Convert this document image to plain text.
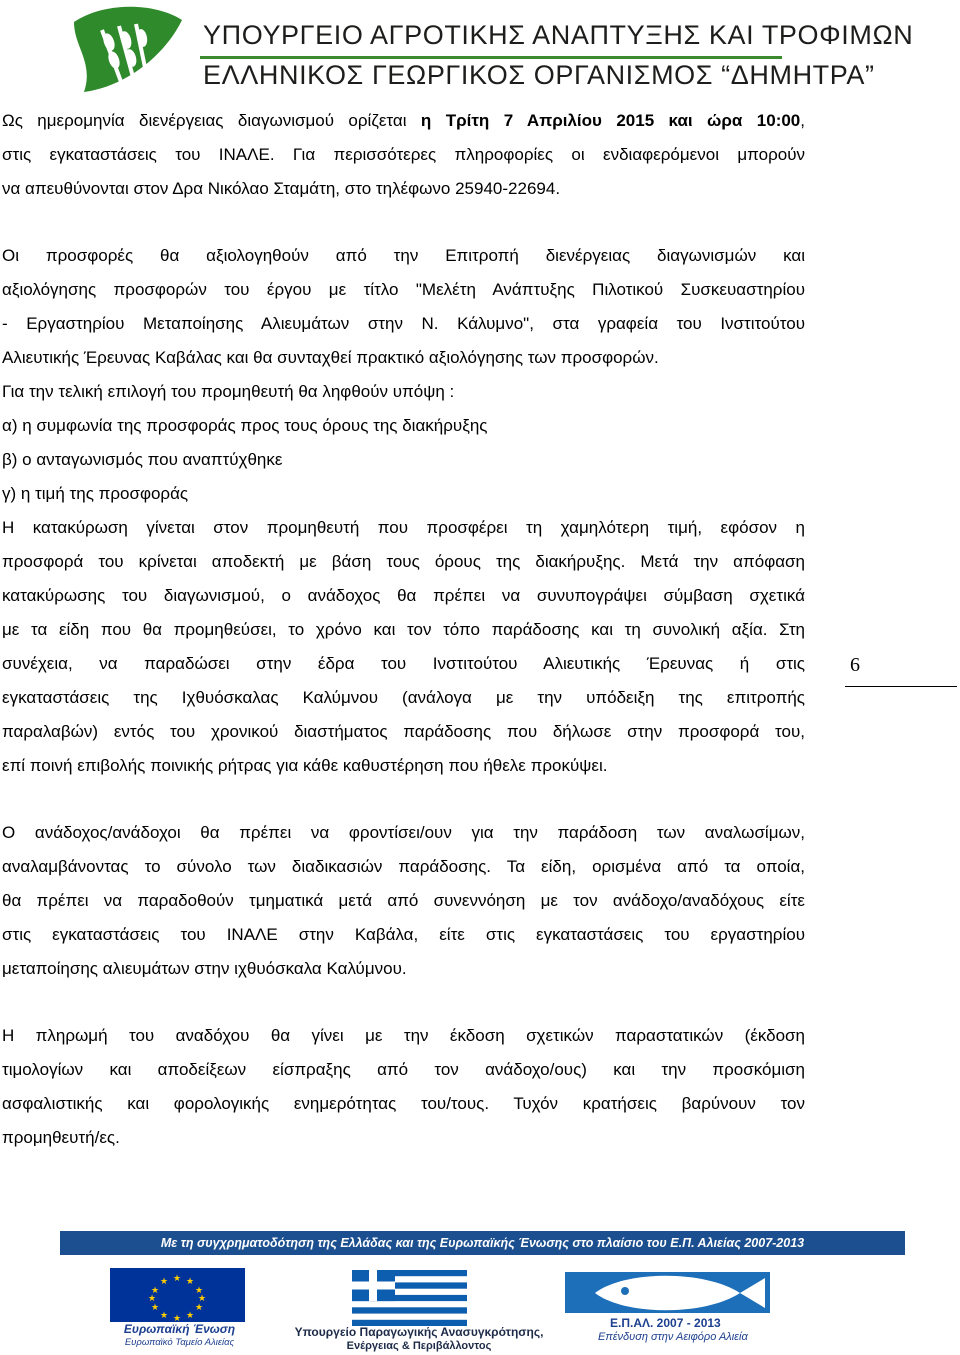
ΥΠΟΥΡΓΕΙΟ ΑΓΡΟΤΙΚΗΣ ΑΝΑΠΤΥΞΗΣ ΚΑΙ ΤΡΟΦΙΜΩΝ
ΕΛΛΗΝΙΚΟΣ ΓΕΩΡΓΙΚΟΣ ΟΡΓΑΝΙΣΜΟΣ “ΔΗΜΗΤΡΑ”
Ως ημερομηνία διενέργειας διαγωνισμού ορίζεται η Τρίτη 7 Απριλίου 2015 και ώρα 10:00,
στις εγκαταστάσεις του ΙΝΑΛΕ. Για περισσότερες πληροφορίες οι ενδιαφερόμενοι μπορούν
να απευθύνονται στον Δρα Νικόλαο Σταμάτη, στο τηλέφωνο 25940-22694.
Οι προσφορές θα αξιολογηθούν από την Επιτροπή διενέργειας διαγωνισμών και
αξιολόγησης προσφορών του έργου με τίτλο "Μελέτη Ανάπτυξης Πιλοτικού Συσκευαστηρίου
- Εργαστηρίου Μεταποίησης Αλιευμάτων στην Ν. Κάλυμνο", στα γραφεία του Ινστιτούτου
Αλιευτικής Έρευνας Καβάλας και θα συνταχθεί πρακτικό αξιολόγησης των προσφορών.
Για την τελική επιλογή του προμηθευτή θα ληφθούν υπόψη :
α) η συμφωνία της προσφοράς προς τους όρους της διακήρυξης
β) ο ανταγωνισμός που αναπτύχθηκε
γ) η τιμή της προσφοράς
Η κατακύρωση γίνεται στον προμηθευτή που προσφέρει τη χαμηλότερη τιμή, εφόσον η
προσφορά του κρίνεται αποδεκτή με βάση τους όρους της διακήρυξης. Μετά την απόφαση
κατακύρωσης του διαγωνισμού, ο ανάδοχος θα πρέπει να συνυπογράψει σύμβαση σχετικά
με τα είδη που θα προμηθεύσει, το χρόνο και τον τόπο παράδοσης και τη συνολική αξία. Στη
συνέχεια, να παραδώσει στην έδρα του Ινστιτούτου Αλιευτικής Έρευνας ή στις
εγκαταστάσεις της Ιχθυόσκαλας Καλύμνου (ανάλογα με την υπόδειξη της επιτροπής
παραλαβών) εντός του χρονικού διαστήματος παράδοσης που δήλωσε στην προσφορά του,
επί ποινή επιβολής ποινικής ρήτρας για κάθε καθυστέρηση που ήθελε προκύψει.
Ο ανάδοχος/ανάδοχοι θα πρέπει να φροντίσει/ουν για την παράδοση των αναλωσίμων,
αναλαμβάνοντας το σύνολο των διαδικασιών παράδοσης. Τα είδη, ορισμένα από τα οποία,
θα πρέπει να παραδοθούν τμηματικά μετά από συνεννόηση με τον ανάδοχο/αναδόχους είτε
στις εγκαταστάσεις του ΙΝΑΛΕ στην Καβάλα, είτε στις εγκαταστάσεις του εργαστηρίου
μεταποίησης αλιευμάτων στην ιχθυόσκαλα Καλύμνου.
Η πληρωμή του αναδόχου θα γίνει με την έκδοση σχετικών παραστατικών (έκδοση
τιμολογίων και αποδείξεων είσπραξης από τον ανάδοχο/ους) και την προσκόμιση
ασφαλιστικής και φορολογικής ενημερότητας του/τους. Τυχόν κρατήσεις βαρύνουν τον
προμηθευτή/ες.
6
Με τη συγχρηματοδότηση της Ελλάδας και της Ευρωπαϊκής Ένωσης στο πλαίσιο του Ε.Π. Αλιείας 2007-2013
★ ★
★
★
★
★
★
★
★
★
★
★
Ευρωπαϊκή Ένωση
Ευρωπαϊκό Ταμείο Αλιείας
Υπουργείο Παραγωγικής Ανασυγκρότησης,
Ενέργειας & Περιβάλλοντος
Ε.Π.ΑΛ. 2007 - 2013
Επένδυση στην Αειφόρο Αλιεία
